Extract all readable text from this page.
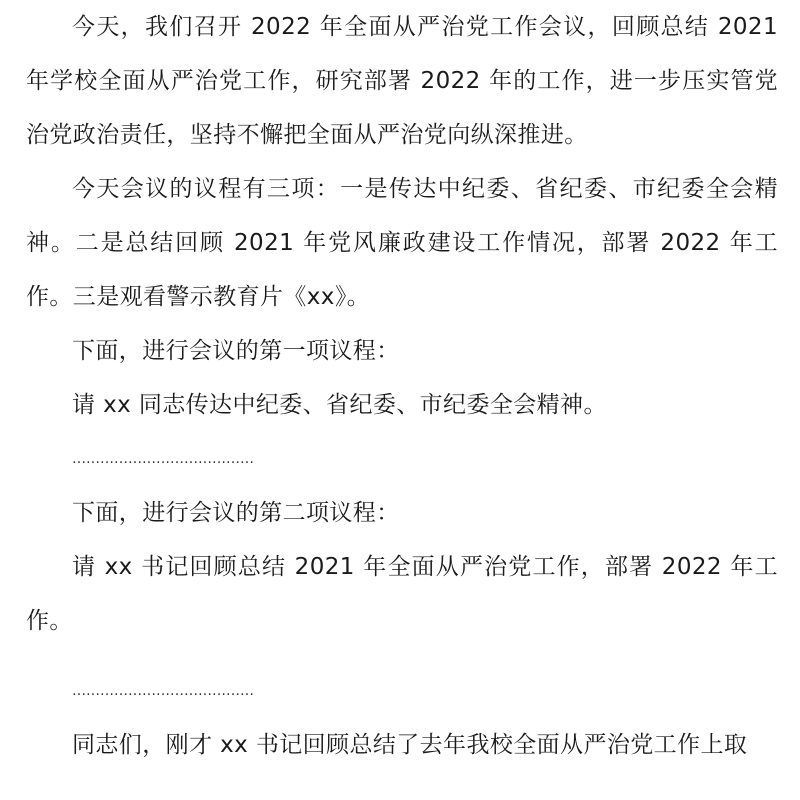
今天，我们召开 2022 年全面从严治党工作会议，回顾总结 2021 年学校全面从严治党工作，研究部署 2022 年的工作，进一步压实管党治党政治责任，坚持不懈把全面从严治党向纵深推进。

今天会议的议程有三项：一是传达中纪委、省纪委、市纪委全会精神。二是总结回顾 2021 年党风廉政建设工作情况，部署 2022 年工作。三是观看警示教育片《xx》。

下面，进行会议的第一项议程：

请 xx 同志传达中纪委、省纪委、市纪委全会精神。

…………………………………

下面，进行会议的第二项议程：

请 xx 书记回顾总结 2021 年全面从严治党工作，部署 2022 年工作。

…………………………………

同志们，刚才 xx 书记回顾总结了去年我校全面从严治党工作上取
